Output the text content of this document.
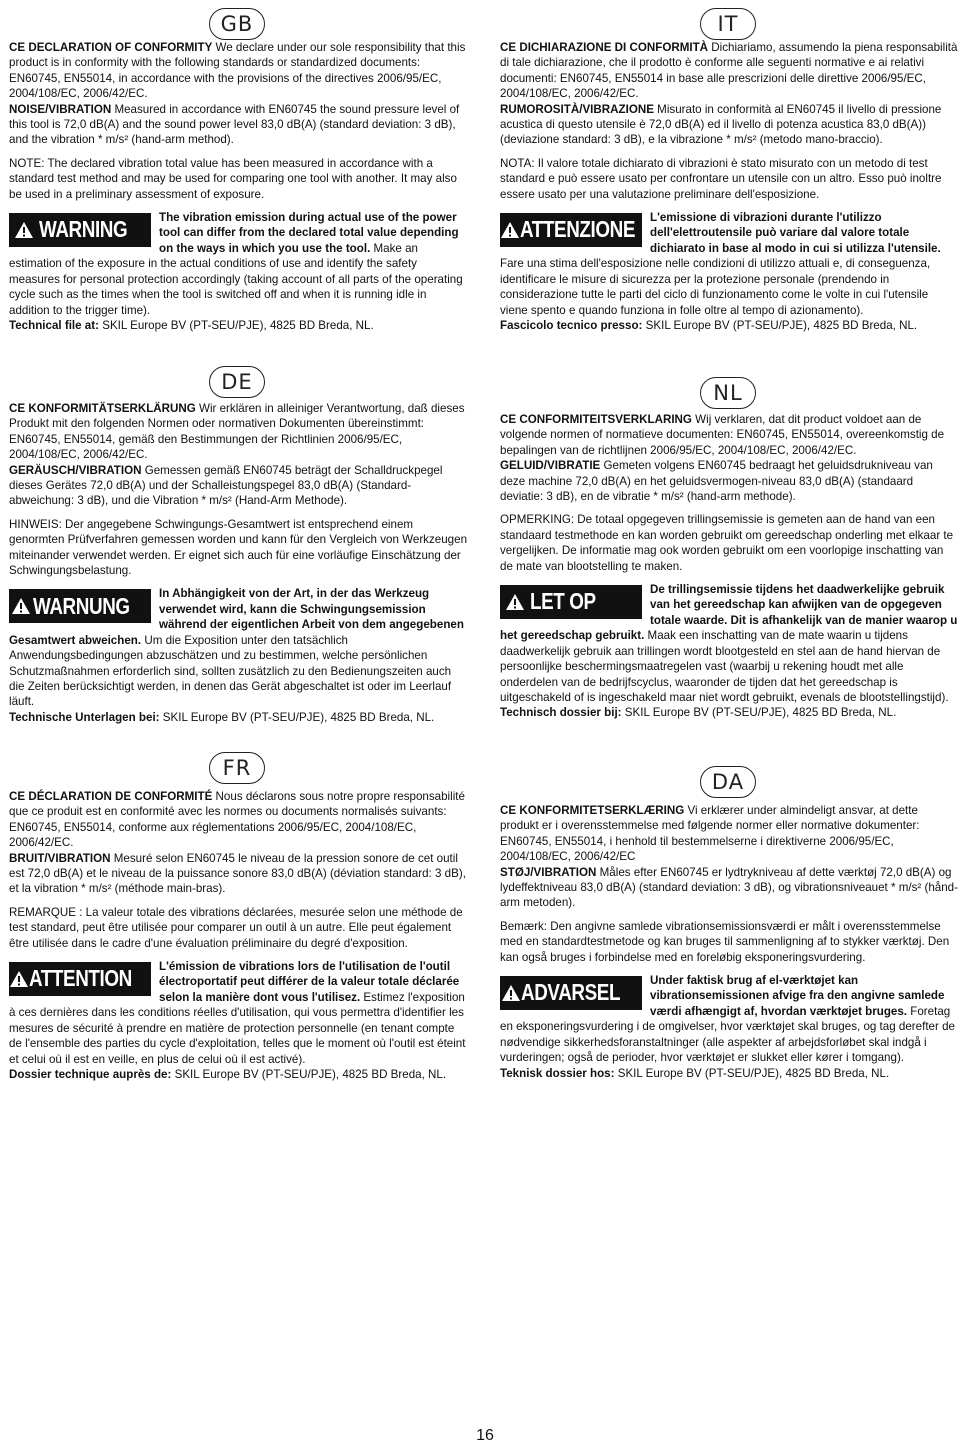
GB

CE DECLARATION OF CONFORMITY We declare under our sole responsibility that this product is in conformity with the following standards or standardized documents: EN60745, EN55014, in accordance with the provisions of the directives 2006/95/EC, 2004/108/EC, 2006/42/EC.

NOISE/VIBRATION Measured in accordance with EN60745 the sound pressure level of this tool is 72,0 dB(A) and the sound power level 83,0 dB(A) (standard deviation: 3 dB), and the vibration * m/s² (hand-arm method).

NOTE: The declared vibration total value has been measured in accordance with a standard test method and may be used for comparing one tool with another. It may also be used in a preliminary assessment of exposure.

WARNING	The vibration emission during actual use of the power tool can differ from the declared total value depending on the ways in which you use the tool. Make an estimation of the exposure in the actual conditions of use and identify the safety measures for personal protection accordingly (taking account of all parts of the operating cycle such as the times when the tool is switched off and when it is running idle in addition to the trigger time).

Technical file at: SKIL Europe BV (PT-SEU/PJE), 4825 BD Breda, NL.

DE

CE KONFORMITÄTSERKLÄRUNG Wir erklären in alleiniger Verantwortung, daß dieses Produkt mit den folgenden Normen oder normativen Dokumenten übereinstimmt: EN60745, EN55014, gemäß den Bestimmungen der Richtlinien 2006/95/EC, 2004/108/EC, 2006/42/EC.

GERÄUSCH/VIBRATION Gemessen gemäß EN60745 beträgt der Schalldruckpegel dieses Gerätes 72,0 dB(A) und der Schalleistungspegel 83,0 dB(A) (Standard-abweichung: 3 dB), und die Vibration * m/s² (Hand-Arm Methode).

HINWEIS: Der angegebene Schwingungs-Gesamtwert ist entsprechend einem genormten Prüfverfahren gemessen worden und kann für den Vergleich von Werkzeugen miteinander verwendet werden. Er eignet sich auch für eine vorläufige Einschätzung der Schwingungsbelastung.

WARNUNG	In Abhängigkeit von der Art, in der das Werkzeug verwendet wird, kann die Schwingungsemission während der eigentlichen Arbeit von dem angegebenen Gesamtwert abweichen. Um die Exposition unter den tatsächlich Anwendungsbedingungen abzuschätzen und zu bestimmen, welche persönlichen Schutzmaßnahmen erforderlich sind, sollten zusätzlich zu den Bedienungszeiten auch die Zeiten berücksichtigt werden, in denen das Gerät abgeschaltet ist oder im Leerlauf läuft.

Technische Unterlagen bei: SKIL Europe BV (PT-SEU/PJE), 4825 BD Breda, NL.

FR

CE DÉCLARATION DE CONFORMITÉ Nous déclarons sous notre propre responsabilité que ce produit est en conformité avec les normes ou documents normalisés suivants: EN60745, EN55014, conforme aux réglementations 2006/95/EC, 2004/108/EC, 2006/42/EC.

BRUIT/VIBRATION Mesuré selon EN60745 le niveau de la pression sonore de cet outil est 72,0 dB(A) et le niveau de la puissance sonore 83,0 dB(A) (déviation standard: 3 dB), et la vibration * m/s² (méthode main-bras).

REMARQUE : La valeur totale des vibrations déclarées, mesurée selon une méthode de test standard, peut être utilisée pour comparer un outil à un autre. Elle peut également être utilisée dans le cadre d'une évaluation préliminaire du degré d'exposition.

ATTENTION L'émission de vibrations lors de l'utilisation de l'outil électroportatif peut différer de la valeur totale déclarée selon la manière dont vous l'utilisez. Estimez l'exposition à ces dernières dans les conditions réelles d'utilisation, qui vous permettra d'identifier les mesures de sécurité à prendre en matière de protection personnelle (en tenant compte de l'ensemble des parties du cycle d'exploitation, telles que le moment où l'outil est éteint et celui où il est en veille, en plus de celui où il est activé).

Dossier technique auprès de: SKIL Europe BV (PT-SEU/PJE), 4825 BD Breda, NL.

IT

CE DICHIARAZIONE DI CONFORMITÀ Dichiariamo, assumendo la piena responsabilità di tale dichiarazione, che il prodotto è conforme alle seguenti normative e ai relativi documenti: EN60745, EN55014 in base alle prescrizioni delle direttive 2006/95/EC, 2004/108/EC, 2006/42/EC.

RUMOROSITÀ/VIBRAZIONE Misurato in conformità al EN60745 il livello di pressione acustica di questo utensile è 72,0 dB(A) ed il livello di potenza acustica 83,0 dB(A)) (deviazione standard: 3 dB), e la vibrazione * m/s² (metodo mano-braccio).

NOTA: Il valore totale dichiarato di vibrazioni è stato misurato con un metodo di test standard e può essere usato per confrontare un utensile con un altro. Esso può inoltre essere usato per una valutazione preliminare dell'esposizione.

ATTENZIONE L'emissione di vibrazioni durante l'utilizzo dell'elettroutensile può variare dal valore totale dichiarato in base al modo in cui si utilizza l'utensile. Fare una stima dell'esposizione nelle condizioni di utilizzo attuali e, di conseguenza, identificare le misure di sicurezza per la protezione personale (prendendo in considerazione tutte le parti del ciclo di funzionamento come le volte in cui l'utensile viene spento e quando funziona in folle oltre al tempo di azionamento).

Fascicolo tecnico presso: SKIL Europe BV (PT-SEU/PJE), 4825 BD Breda, NL.

NL

CE CONFORMITEITSVERKLARING Wij verklaren, dat dit product voldoet aan de volgende normen of normatieve documenten: EN60745, EN55014, overeenkomstig de bepalingen van de richtlijnen 2006/95/EC, 2004/108/EC, 2006/42/EC.

GELUID/VIBRATIE Gemeten volgens EN60745 bedraagt het geluidsdrukniveau van deze machine 72,0 dB(A) en het geluidsvermogen-niveau 83,0 dB(A) (standaard deviatie: 3 dB), en de vibratie * m/s² (hand-arm methode).

OPMERKING: De totaal opgegeven trillingsemissie is gemeten aan de hand van een standaard testmethode en kan worden gebruikt om gereedschap onderling met elkaar te vergelijken. De informatie mag ook worden gebruikt om een voorlopige inschatting van de mate van blootstelling te maken.

LET OP	De trillingsemissie tijdens het daadwerkelijke gebruik van het gereedschap kan afwijken van de opgegeven totale waarde. Dit is afhankelijk van de manier waarop u het gereedschap gebruikt. Maak een inschatting van de mate waarin u tijdens daadwerkelijk gebruik aan trillingen wordt blootgesteld en stel aan de hand hiervan de persoonlijke beschermingsmaatregelen vast (waarbij u rekening houdt met alle onderdelen van de bedrijfscyclus, waaronder de tijden dat het gereedschap is uitgeschakeld of is ingeschakeld maar niet wordt gebruikt, evenals de blootstellingstijd).

Technisch dossier bij: SKIL Europe BV (PT-SEU/PJE), 4825 BD Breda, NL.

DA

CE KONFORMITETSERKLÆRING Vi erklærer under almindeligt ansvar, at dette produkt er i overensstemmelse med følgende normer eller normative dokumenter: EN60745, EN55014, i henhold til bestemmelserne i direktiverne 2006/95/EC, 2004/108/EC, 2006/42/EC

STØJ/VIBRATION Måles efter EN60745 er lydtrykniveau af dette værktøj 72,0 dB(A) og lydeffektniveau 83,0 dB(A) (standard deviation: 3 dB), og vibrationsniveauet * m/s² (hånd-arm metoden).

Bemærk: Den angivne samlede vibrationsemissionsværdi er målt i overensstemmelse med en standardtestmetode og kan bruges til sammenligning af to stykker værktøj. Den kan også bruges i forbindelse med en foreløbig eksponeringsvurdering.

ADVARSEL	Under faktisk brug af el-værktøjet kan vibrationsemissionen afvige fra den angivne samlede værdi afhængigt af, hvordan værktøjet bruges. Foretag en eksponeringsvurdering i de omgivelser, hvor værktøjet skal bruges, og tag derefter de nødvendige sikkerhedsforanstaltninger (alle aspekter af arbejdsforløbet skal indgå i vurderingen; også de perioder, hvor værktøjet er slukket eller kører i tomgang).

Teknisk dossier hos: SKIL Europe BV (PT-SEU/PJE), 4825 BD Breda, NL.

16
